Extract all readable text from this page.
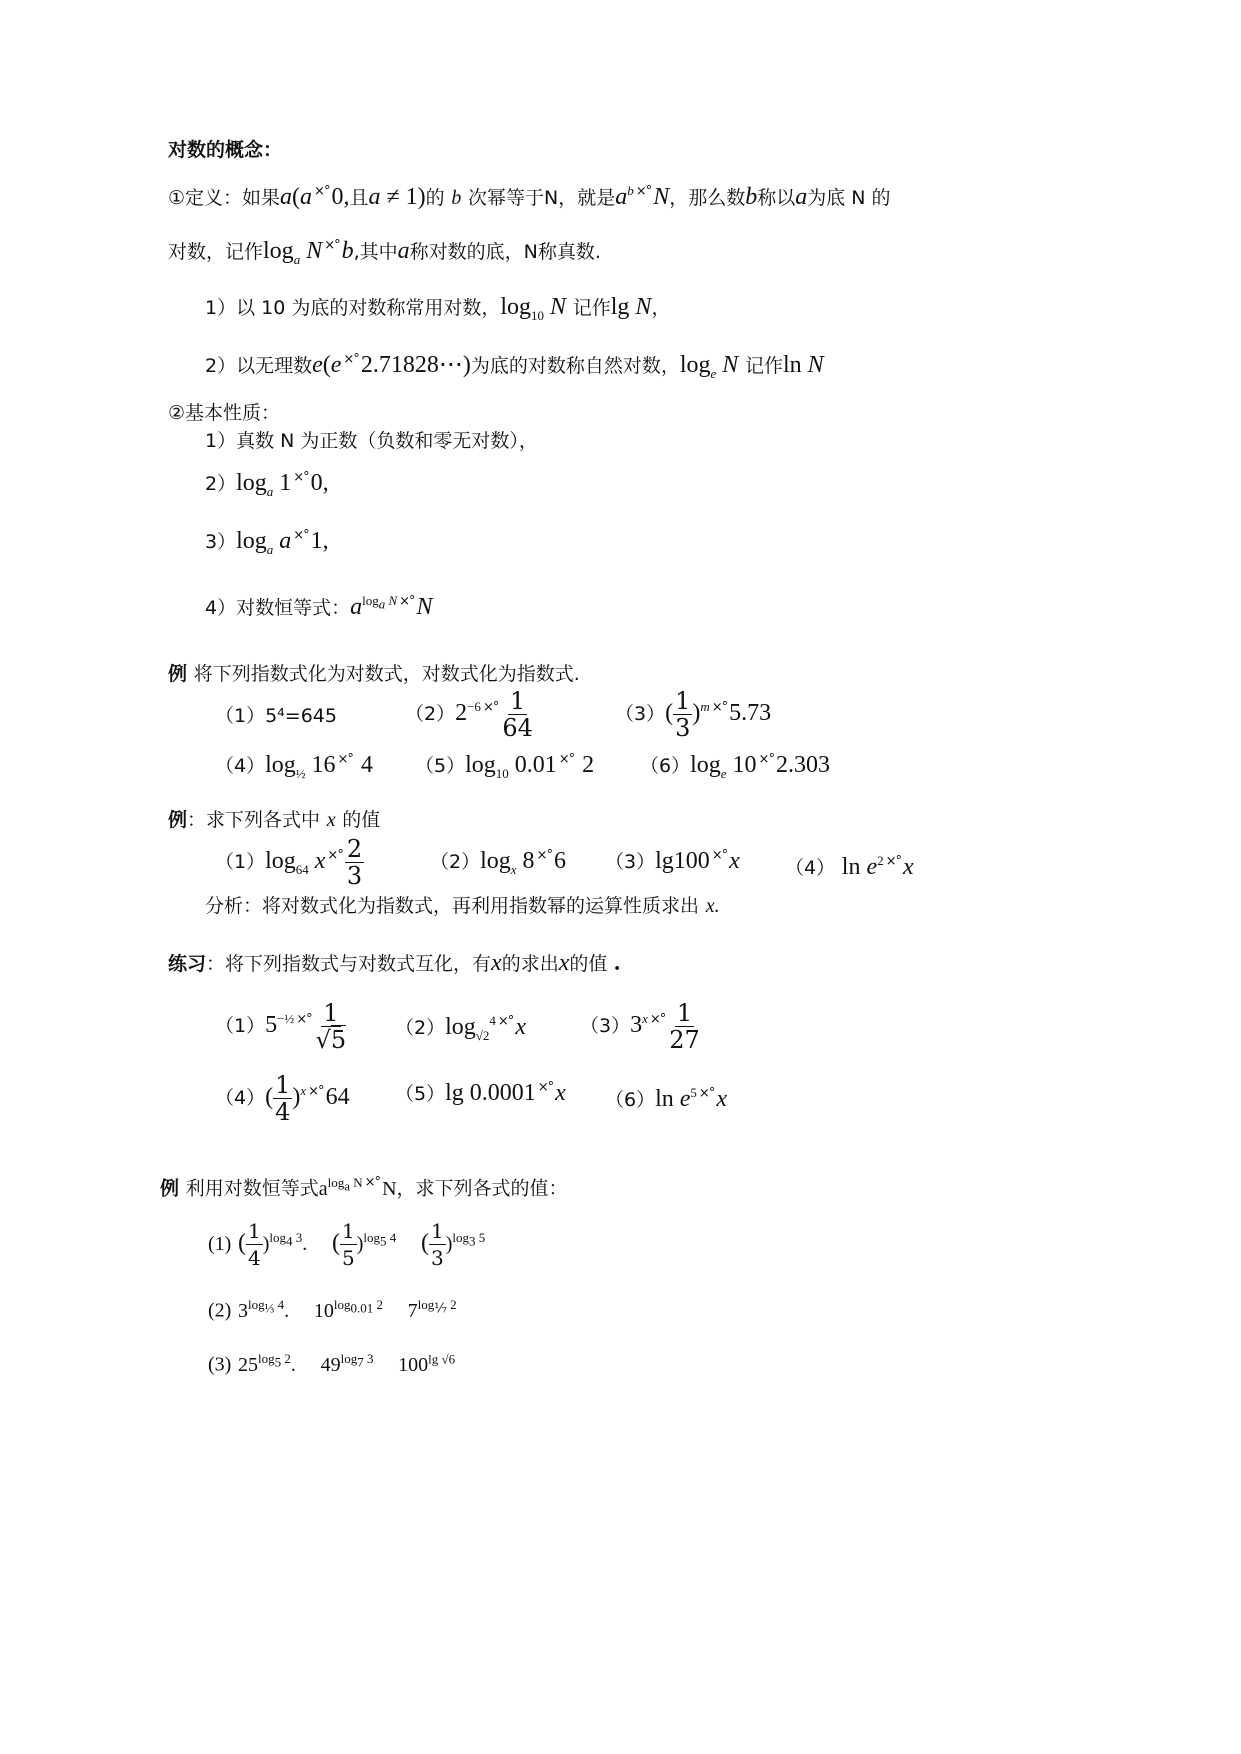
对数的概念：
①定义：如果a(a ×°0,且a ≠ 1)的 b 次幂等于N，就是$a^b$ ×°N，那么数b称以a为底 N 的
对数，记作$\log_a N$ ×°b,其中a称对数的底，N称真数.
1）以 10 为底的对数称常用对数，$\log_{10} N$ 记作lg N，
2）以无理数e(e ×°2.71828⋯)为底的对数称自然对数，$\log_e N$ 记作ln N
②基本性质：
1）真数 N 为正数（负数和零无对数），
$2)\log_a$ 1 ×°0,
$3)\log_a$ a ×°1,
4）对数恒等式：$a^{log_a N}$ ×°N
例 将下列指数式化为对数式，对数式化为指数式.
（1）5⁴=645	$(2)2^{-6}$ $^{\times^\circ} \frac{1}{64}$	$(3)( \frac{1}{3} )^m$ ×°5.73
$(4)\log_{\frac{1}{2}}$ 16 ×° 4 $(5)\log_{10}$ 0.01 ×° 2 $(6)\log_e$ 10 ×°2.303
例：求下列各式中 x 的值
$(1)\log_{64}$ x $^{\times^\circ} \frac{2}{3}$	$(2)\log_x$ 8 ×°6 （3）lg100 ×°x （4） $\ln e^2$ ×°x
分析：将对数式化为指数式，再利用指数幂的运算性质求出 x.
练习：将下列指数式与对数式互化，有x的求出x的值 .
$(1)5^{-\frac{1}{2}}$ $^{\times^\circ} \frac{1}{√5} (2)\log_{√2}^4$ ×°x	（3）3$^x$ $^{\times^\circ} \frac{1}{27}$
$(4)( \frac{1}{4} )^x$ ×°64 （5）lg 0.0001 ×°x （6）ln $e^5$ ×°x
例 利用对数恒等式$a^{log_a N}$ ×° N，求下列各式的值：
(1) ( $\frac{1}{4} )^{log_4 3}$. ( $\frac{1}{5} )^{log_5 4}$ ( $\frac{1}{3} )^{log_3 5}$
(2) $3^{log_{\frac{1}{3}} 4}$. $10^{log_{0.01} 2}$ $7^{log_⅐ 2}$
(3) $25^{log_5 2}$. $49^{log_7 3}$ $100^{lg √6}$
